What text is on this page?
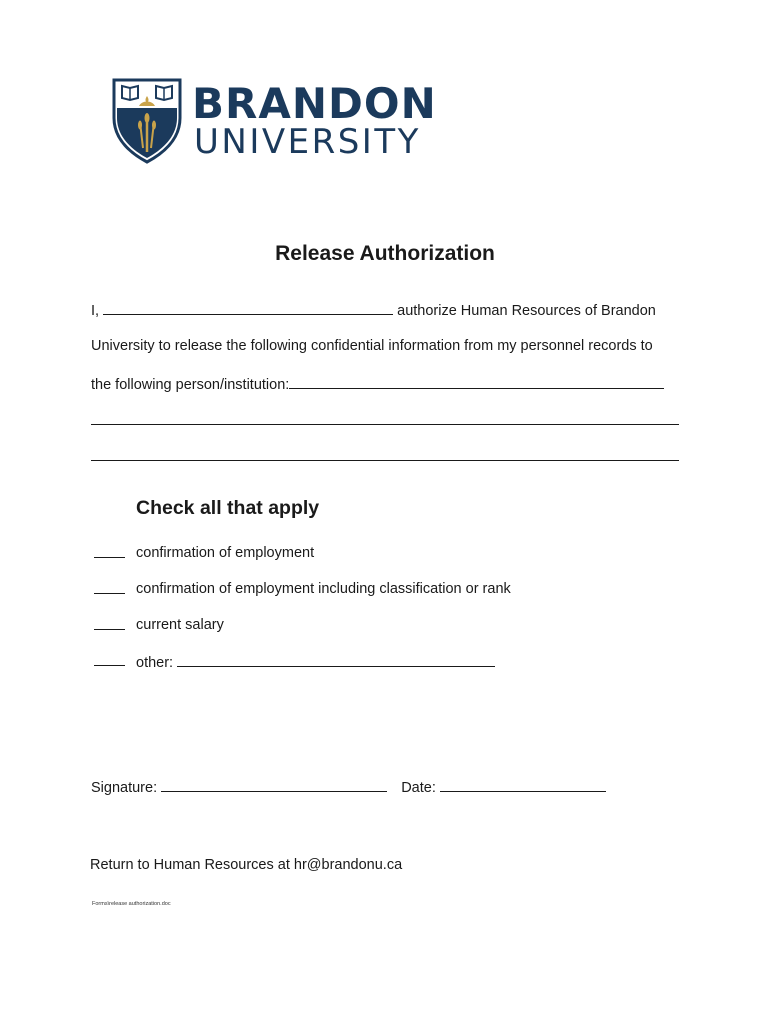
BRANDON
UNIVERSITY
Release Authorization
I,	authorize Human Resources of Brandon
University to release the following confidential information from my personnel records to
the following person/institution:
Check all that apply
confirmation of employment
confirmation of employment including classification or rank
current salary
other:
Signature:	Date:
Return to Human Resources at hr@brandonu.ca
Forms\release authorization.doc
